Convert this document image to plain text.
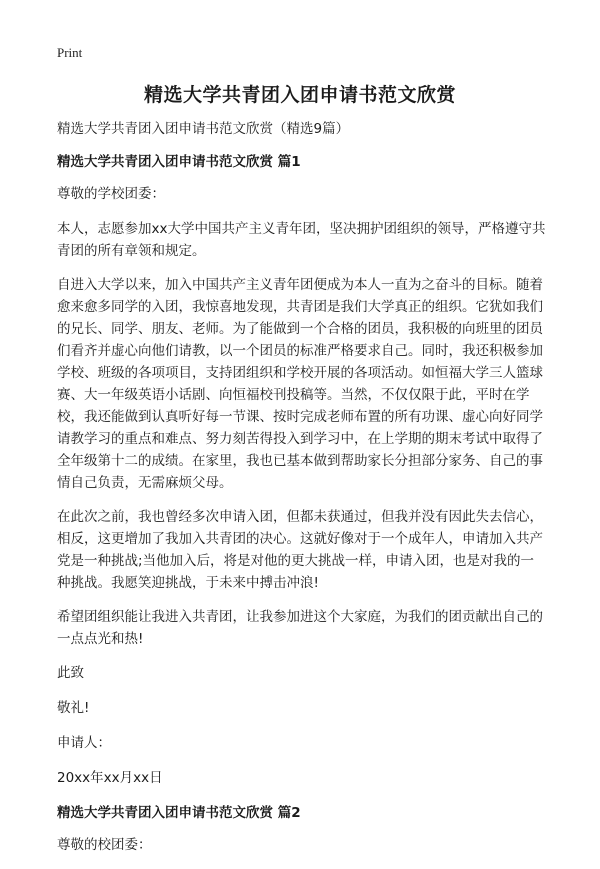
Print
精选大学共青团入团申请书范文欣赏

精选大学共青团入团申请书范文欣赏（精选9篇）

精选大学共青团入团申请书范文欣赏 篇1

尊敬的学校团委：

本人，志愿参加xx大学中国共产主义青年团，坚决拥护团组织的领导，严格遵守共青团的所有章领和规定。

自进入大学以来，加入中国共产主义青年团便成为本人一直为之奋斗的目标。随着愈来愈多同学的入团，我惊喜地发现，共青团是我们大学真正的组织。它犹如我们的兄长、同学、朋友、老师。为了能做到一个合格的团员，我积极的向班里的团员们看齐并虚心向他们请教，以一个团员的标准严格要求自己。同时，我还积极参加学校、班级的各项项目，支持团组织和学校开展的各项活动。如恒福大学三人篮球赛、大一年级英语小话剧、向恒福校刊投稿等。当然，不仅仅限于此，平时在学校，我还能做到认真听好每一节课、按时完成老师布置的所有功课、虚心向好同学请教学习的重点和难点、努力刻苦得投入到学习中，在上学期的期末考试中取得了全年级第十二的成绩。在家里，我也已基本做到帮助家长分担部分家务、自己的事情自己负责，无需麻烦父母。

在此次之前，我也曾经多次申请入团，但都未获通过，但我并没有因此失去信心，相反，这更增加了我加入共青团的决心。这就好像对于一个成年人，申请加入共产党是一种挑战;当他加入后，将是对他的更大挑战一样，申请入团，也是对我的一种挑战。我愿笑迎挑战，于未来中搏击冲浪!

希望团组织能让我进入共青团，让我参加进这个大家庭，为我们的团贡献出自己的一点点光和热!

此致

敬礼!

申请人：

20xx年xx月xx日

精选大学共青团入团申请书范文欣赏 篇2

尊敬的校团委：
